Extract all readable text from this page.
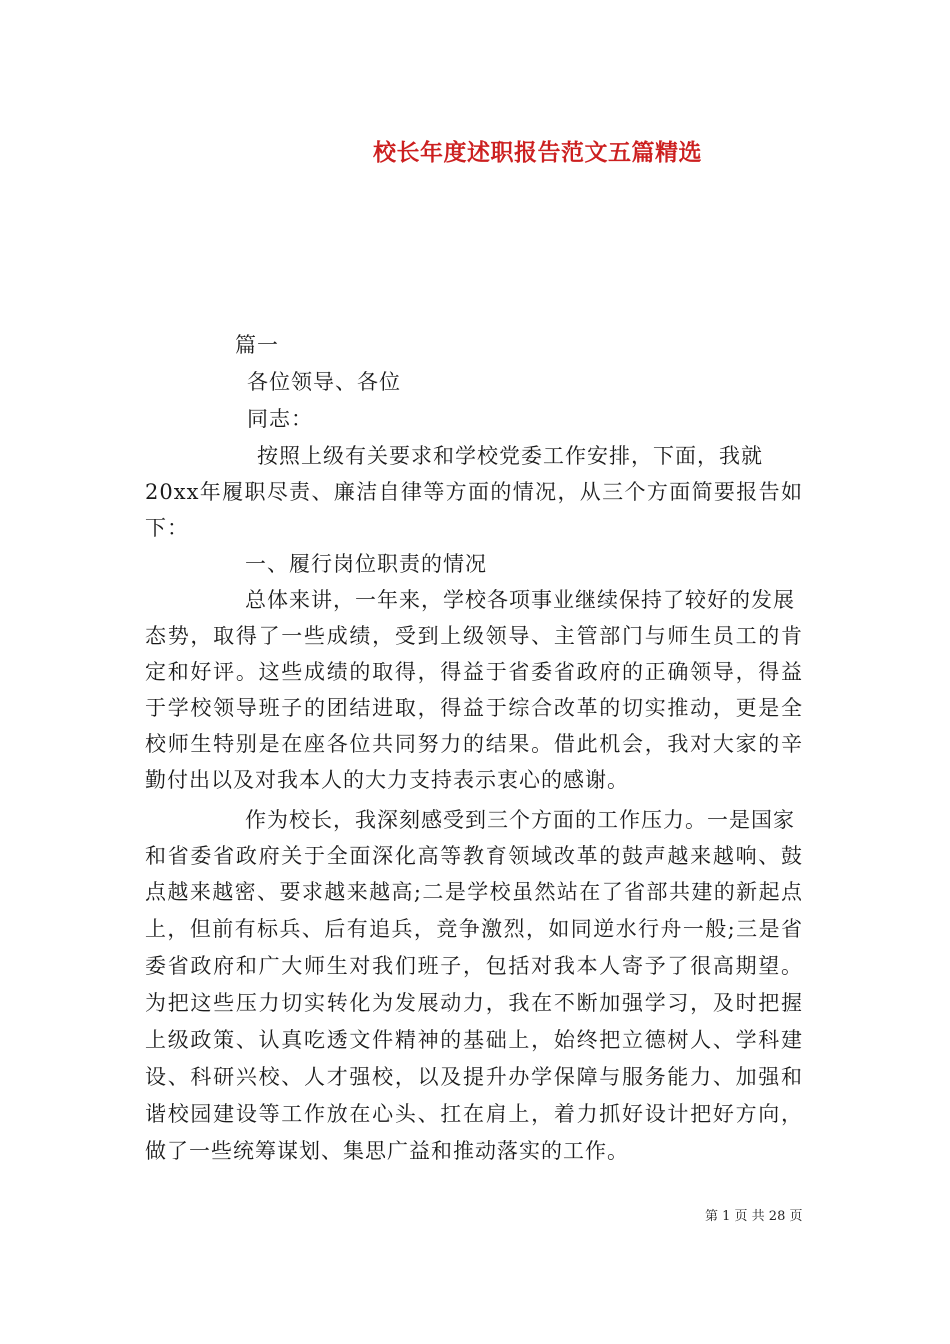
校长年度述职报告范文五篇精选
篇一
各位领导、各位
同志：
按照上级有关要求和学校党委工作安排，下面，我就
20xx年履职尽责、廉洁自律等方面的情况，从三个方面简要报告如
下：
一、履行岗位职责的情况
总体来讲，一年来，学校各项事业继续保持了较好的发展
态势，取得了一些成绩，受到上级领导、主管部门与师生员工的肯
定和好评。这些成绩的取得，得益于省委省政府的正确领导，得益
于学校领导班子的团结进取，得益于综合改革的切实推动，更是全
校师生特别是在座各位共同努力的结果。借此机会，我对大家的辛
勤付出以及对我本人的大力支持表示衷心的感谢。
作为校长，我深刻感受到三个方面的工作压力。一是国家
和省委省政府关于全面深化高等教育领域改革的鼓声越来越响、鼓
点越来越密、要求越来越高;二是学校虽然站在了省部共建的新起点
上，但前有标兵、后有追兵，竞争激烈，如同逆水行舟一般;三是省
委省政府和广大师生对我们班子，包括对我本人寄予了很高期望。
为把这些压力切实转化为发展动力，我在不断加强学习，及时把握
上级政策、认真吃透文件精神的基础上，始终把立德树人、学科建
设、科研兴校、人才强校，以及提升办学保障与服务能力、加强和
谐校园建设等工作放在心头、扛在肩上，着力抓好设计把好方向，
做了一些统筹谋划、集思广益和推动落实的工作。
第 1 页 共 28 页
